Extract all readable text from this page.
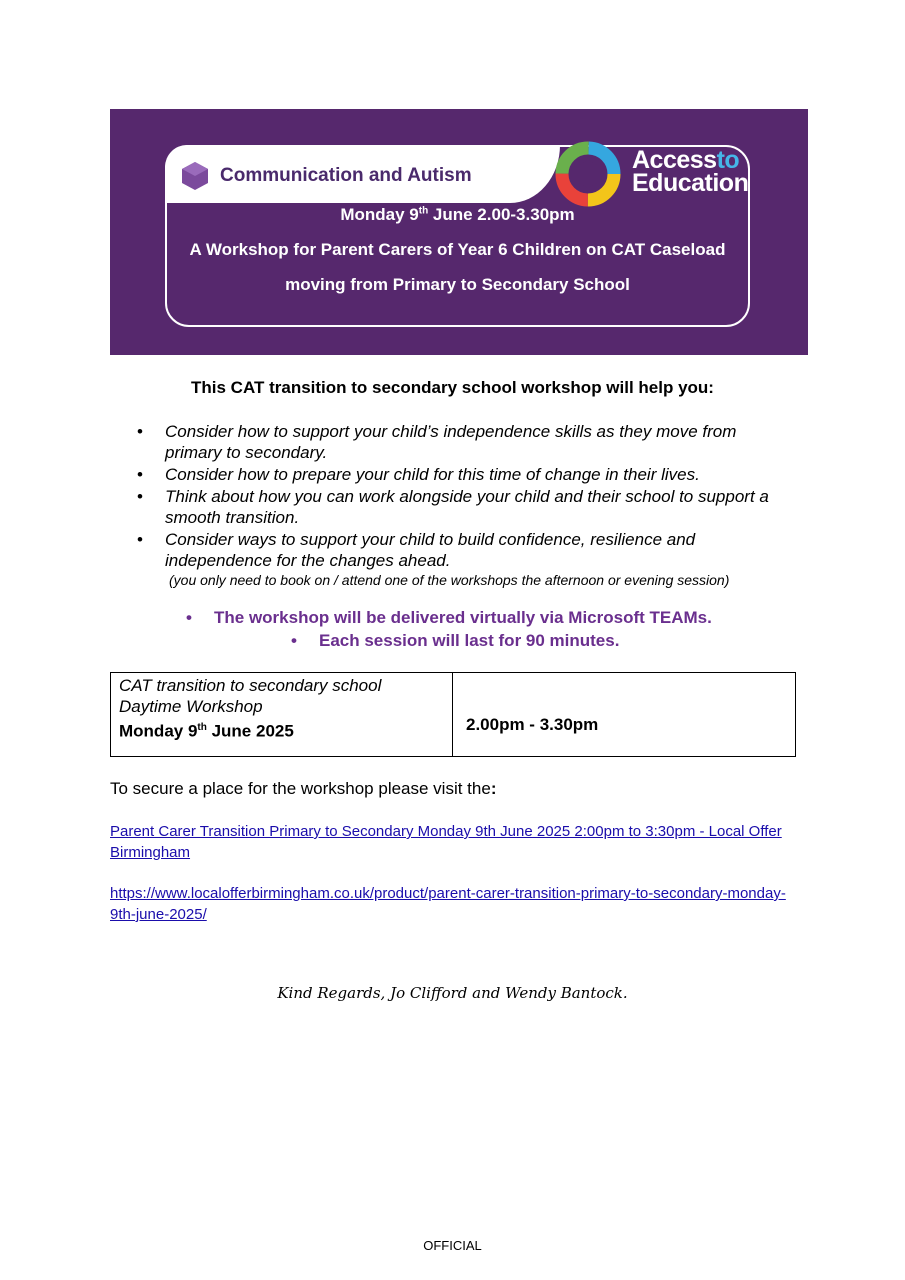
Communication and Autism
Accessto
Education
Monday 9th June 2.00-3.30pm
A Workshop for Parent Carers of Year 6 Children on CAT Caseload
moving from Primary to Secondary School
This CAT transition to secondary school workshop will help you:
• Consider how to support your child’s independence skills as they move from primary to secondary.
• Consider how to prepare your child for this time of change in their lives.
• Think about how you can work alongside your child and their school to support a smooth transition.
• Consider ways to support your child to build confidence, resilience and independence for the changes ahead.
(you only need to book on / attend one of the workshops the afternoon or evening session)
• The workshop will be delivered virtually via Microsoft TEAMs.
• Each session will last for 90 minutes.
CAT transition to secondary school
Daytime Workshop
Monday 9th June 2025	2.00pm - 3.30pm
To secure a place for the workshop please visit the:
Parent Carer Transition Primary to Secondary Monday 9th June 2025 2:00pm to 3:30pm - Local Offer Birmingham
https://www.localofferbirmingham.co.uk/product/parent-carer-transition-primary-to-secondary-monday-9th-june-2025/
Kind Regards, Jo Clifford and Wendy Bantock.
OFFICIAL
